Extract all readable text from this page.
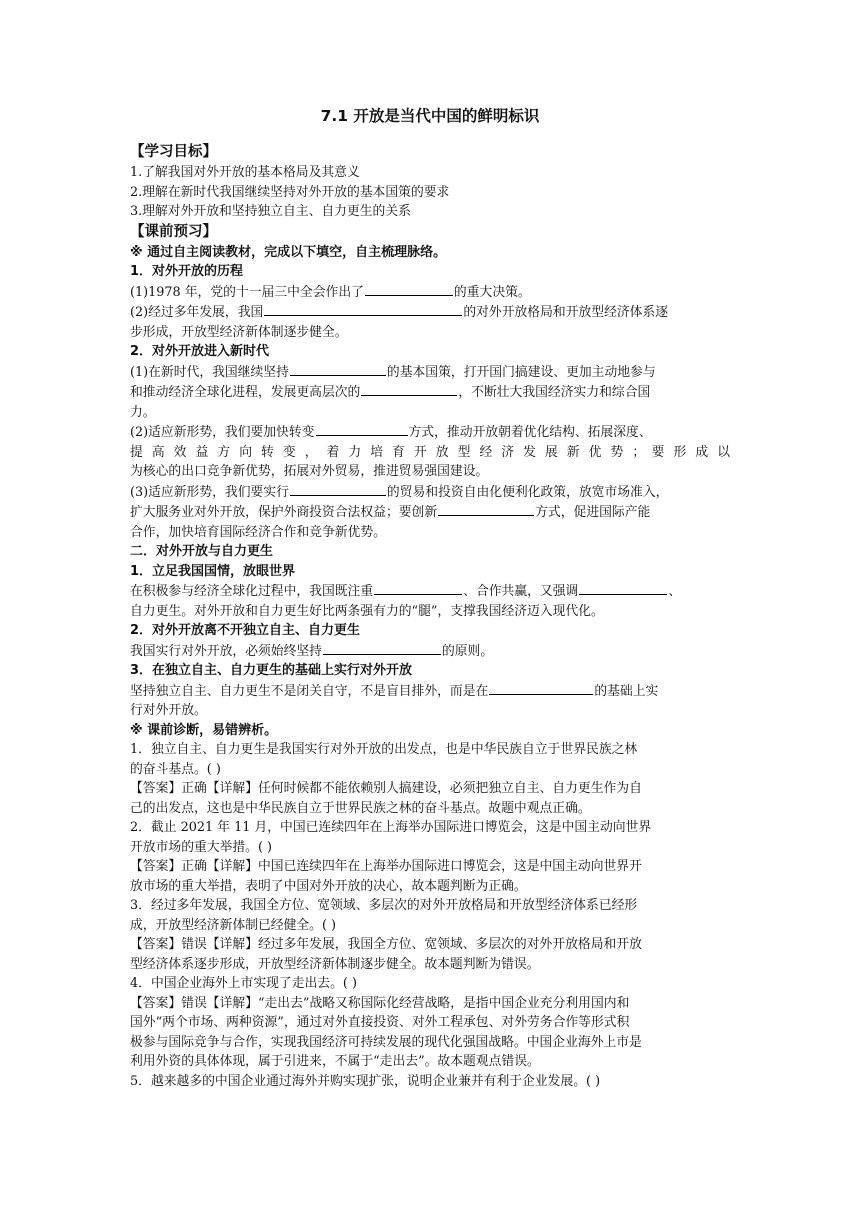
7.1 开放是当代中国的鲜明标识

【学习目标】

1.了解我国对外开放的基本格局及其意义

2.理解在新时代我国继续坚持对外开放的基本国策的要求

3.理解对外开放和坚持独立自主、自力更生的关系

【课前预习】

※ 通过自主阅读教材，完成以下填空，自主梳理脉络。

1．对外开放的历程

(1)1978 年，党的十一届三中全会作出了	的重大决策。

(2)经过多年发展，我国	的对外开放格局和开放型经济体系逐
步形成，开放型经济新体制逐步健全。

2．对外开放进入新时代

(1)在新时代，我国继续坚持	的基本国策，打开国门搞建设、更加主动地参与
和推动经济全球化进程，发展更高层次的	，不断壮大我国经济实力和综合国
力。

(2)适应新形势，我们要加快转变	方式，推动开放朝着优化结构、拓展深度、

提 高 效 益 方 向 转 变 ， 着 力 培 育 开 放 型 经 济 发 展 新 优 势 ； 要 形 成 以

为核心的出口竞争新优势，拓展对外贸易，推进贸易强国建设。

(3)适应新形势，我们要实行	的贸易和投资自由化便利化政策，放宽市场准入，
扩大服务业对外开放，保护外商投资合法权益；要创新	方式，促进国际产能
合作，加快培育国际经济合作和竞争新优势。

二．对外开放与自力更生

1．立足我国国情，放眼世界

在积极参与经济全球化过程中，我国既注重	、合作共赢，又强调	、
自力更生。对外开放和自力更生好比两条强有力的“腿”，支撑我国经济迈入现代化。

2．对外开放离不开独立自主、自力更生

我国实行对外开放，必须始终坚持	的原则。

3．在独立自主、自力更生的基础上实行对外开放

坚持独立自主、自力更生不是闭关自守，不是盲目排外，而是在	的基础上实
行对外开放。

※ 课前诊断，易错辨析。

1．独立自主、自力更生是我国实行对外开放的出发点，也是中华民族自立于世界民族之林
的奋斗基点。( )

【答案】正确【详解】任何时候都不能依赖别人搞建设，必须把独立自主、自力更生作为自
己的出发点，这也是中华民族自立于世界民族之林的奋斗基点。故题中观点正确。

2．截止 2021 年 11 月，中国已连续四年在上海举办国际进口博览会，这是中国主动向世界
开放市场的重大举措。( )

【答案】正确【详解】中国已连续四年在上海举办国际进口博览会，这是中国主动向世界开
放市场的重大举措，表明了中国对外开放的决心，故本题判断为正确。

3．经过多年发展，我国全方位、宽领域、多层次的对外开放格局和开放型经济体系已经形
成，开放型经济新体制已经健全。( )

【答案】错误【详解】经过多年发展，我国全方位、宽领域、多层次的对外开放格局和开放
型经济体系逐步形成，开放型经济新体制逐步健全。故本题判断为错误。

4．中国企业海外上市实现了走出去。( )

【答案】错误【详解】“走出去”战略又称国际化经营战略，是指中国企业充分利用国内和
国外“两个市场、两种资源”，通过对外直接投资、对外工程承包、对外劳务合作等形式积
极参与国际竞争与合作，实现我国经济可持续发展的现代化强国战略。中国企业海外上市是
利用外资的具体体现，属于引进来，不属于“走出去”。故本题观点错误。

5．越来越多的中国企业通过海外并购实现扩张，说明企业兼并有利于企业发展。( )
